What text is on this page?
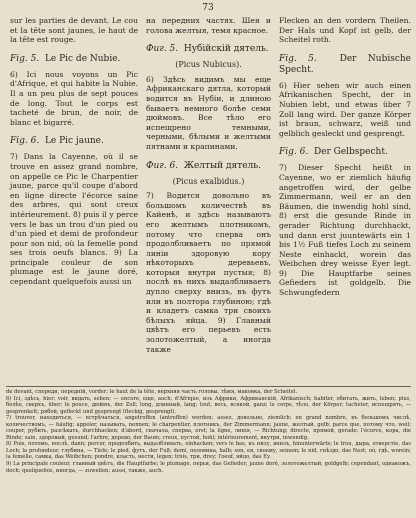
73

sur les parties de devant. Le cou et la tête sont jaunes, le haut de la tête est rouge.

Fig. 5. Le Pic de Nubie.

6) Ici nous voyons un Pic d'Afrique, et qui habite la Nubie. Il a un peu plus de sept pouces de long. Tout le corps est tacheté de brun, de noir, de blanc et bigarré.

Fig. 6. Le Pic jaune.

7) Dans la Cayenne, où il se trouve en assez grand nombre, on appelle ce Pic le Charpentier jaune, parce qu'il coupe d'abord en ligne directe l'écorce saine des arbres, qui sont creux intérieurement. 8) puis il y perce vers le bas un trou d'un pied ou d'un pied et demi de profondeur pour son nid, où la femelle pond ses trois oeufs blancs. 9) La principale couleur de son plumage est le jaune doré, cependant quelquefois aussi un

на передних частях. Шея и голова желтыя, темя красное.

Фиг. 5. Нубійскій дятель.

(Picus Nubicus).

6) Здѣсь видимъ мы еще Африканскаго дятла, который водится въ Нубіи, и длиною бываетъ немного болѣе семи дюймовъ. Все тѣло его испещрено темными, черными, бѣлыми и желтыми пятнами и крапинами.

Фиг. 6. Желтый дятель.

(Picus exalbidus.)

7) Водится довольно въ большомъ количествѣ въ Кайенѣ, и здѣсь называютъ его желтымъ плотникомъ, потому что сперва онъ продолбливаетъ по прямой линіи здоровую кору нѣкоторыхъ деревьевъ, которыя внутри пустыя; 8) послѣ въ нихъ выдалбливаетъ дупло сверху внизъ, въ футъ или въ полтора глубиною; гдѣ и кладетъ самка три своихъ бѣлыхъ яйца. 9) Главный цвѣтъ его перьевъ есть золотожелтый, а иногда также

Flecken an den vordern Theilen. Der Hals und Kopf ist gelb, der Scheitel roth.

Fig. 5.	Der Nubische Specht.

6) Hier sehen wir auch einen Afrikanischen Specht, der in Nubien lebt, und etwas über 7 Zoll lang wird. Der ganze Körper ist braun, schwarz, weiß und gelblich gesleckt und gesprengt.

Fig. 6. Der Gelbspecht.

7) Dieser Specht heißt in Cayenne, wo er ziemlich häufig angetroffen wird, der gelbe Zimmermann, weil er an den Bäumen, die inwendig hohl sind, 8) erst die gesunde Rinde in gerader Richtung durchhackt, und dann erst juuntewärts ein 1 bis 1½ Fuß tiefes Loch zu seinem Neste einhackt, worein das Weibchen drey weisse Eyer legt. 9) Die Hauptfarbe seines Gefieders ist goldgelb. Die Schwungfedern

de devant, спереди, передній, vorder; le haut de la tête, верхняя часть головы, тѣмя, маковка, der Scheitel.

6) Ici, здѣсь, hier; voir, видать, sehen; — encore, еще, auch; d'Afrique, изъ Африки, Африканскій, Afrikanisch; habiter, обитать, жить, leben; plus, болѣе, сверхъ, über; le pouce, дюймъ, der Zoll; long, длинный, lang; tout, весь, всякой, ganz; le corps, тѣло, der Körper; tacheter, испещрять, — gesprenkelt; рябой, gefleckt und gesprengt (fleckig, gesprengt).

7) trouver, находиться, — встрѣчаться, angetroffen (antreffen) werden; assez, довольно, ziemlich; en grand nombre, въ большомъ числѣ, количествомъ, — häufig; appeler, называть, nennen; le charpentier, плотникъ, der Zimmermann; jaune, желтый, gelb; parce que, потому что, weil; couper, рубить, разсѣкать, durchhacken; d'abord, сначала, сперва, erst; la ligne, линія, — Richtung; directe, прямой, gerade; l'écorce, кора, die Rinde; sain, здоровый, gesund; l'arbre, дерево, der Baum; creux, пустой, hohl; intérieurement, внутри, inwendig.

8) Puis, потомъ, послѣ, dann; percer, продолбить, выдалбливать, einhacken; vers le bas, къ низу, внизъ, hinunterwärts; le trou, дыра, отверстіе, das Loch; la profondeur, глубина, — Tiefe; le pied, футъ, der Fuß; demi, половина, halb; son, ея, своему, seinem; le nid, гнѣздо, das Nest; où, гдѣ, worein; la femelle, самка, das Weibchen; pondre, класть, нести, legen; trois, три, drey; l'oeuf, яйцо, das Ey.

9) La principale couleur, главный цвѣтъ, die Hauptfarbe; le plumage, перья, das Gefieder; jaune doré, золотожелтый, goldgelb; cependant, однакожъ, doch; quelquefois, иногда, — zuweilen; aussi, также, auch.
